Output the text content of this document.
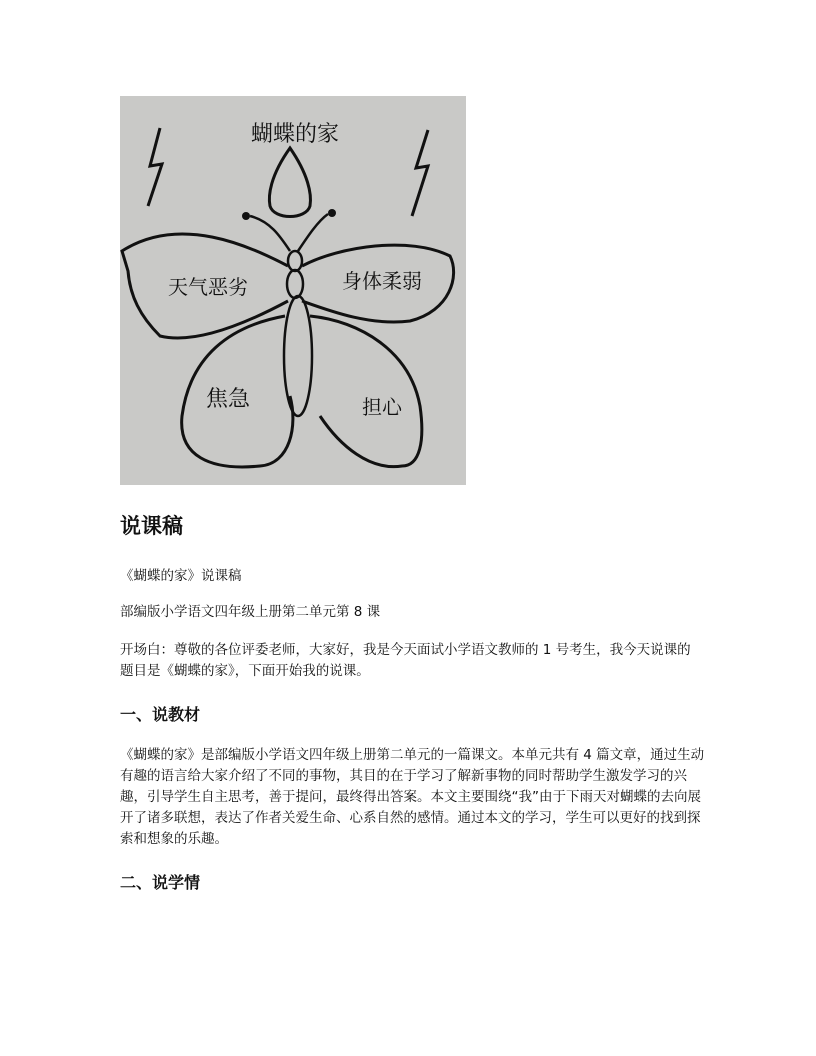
蝴蝶的家
天气恶劣	身体柔弱
焦急	担心
说课稿

《蝴蝶的家》说课稿

部编版小学语文四年级上册第二单元第 8 课

开场白：尊敬的各位评委老师，大家好，我是今天面试小学语文教师的 1 号考生，我今天说课的题目是《蝴蝶的家》，下面开始我的说课。

一、说教材

《蝴蝶的家》是部编版小学语文四年级上册第二单元的一篇课文。本单元共有 4 篇文章，通过生动有趣的语言给大家介绍了不同的事物，其目的在于学习了解新事物的同时帮助学生激发学习的兴趣，引导学生自主思考，善于提问，最终得出答案。本文主要围绕“我”由于下雨天对蝴蝶的去向展开了诸多联想，表达了作者关爱生命、心系自然的感情。通过本文的学习，学生可以更好的找到探索和想象的乐趣。

二、说学情
